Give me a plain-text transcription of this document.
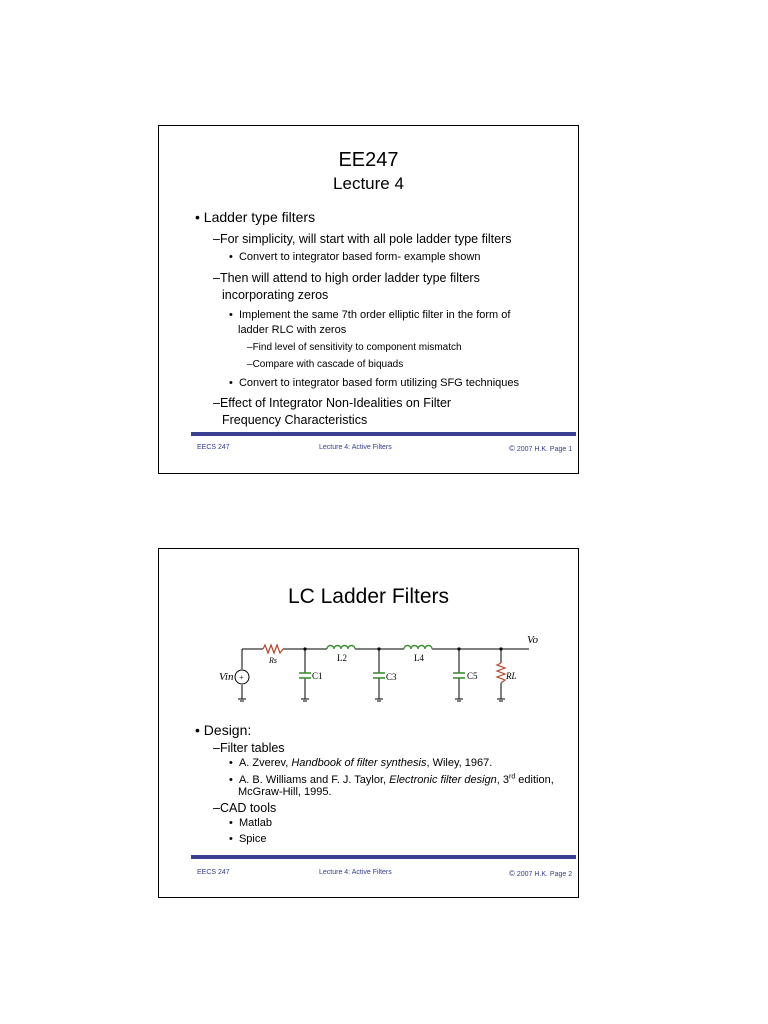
EE247
Lecture 4
• Ladder type filters
–For simplicity, will start with all pole ladder type filters
•  Convert to integrator based form- example shown
–Then will attend to high order ladder type filters
incorporating zeros
•  Implement the same 7th order elliptic filter in the form of
ladder RLC with zeros
–Find level of sensitivity to component mismatch
–Compare with cascade of biquads
•  Convert to integrator based form utilizing SFG techniques
–Effect of Integrator Non-Idealities on Filter
Frequency Characteristics
EECS 247	Lecture 4: Active Filters	© 2007 H.K. Page 1
LC Ladder Filters
+
Vin
Rs	L2	L4
C1	C3	C5	RL
Vo
• Design:
–Filter tables
•  A. Zverev, Handbook of filter synthesis, Wiley, 1967.
•  A. B. Williams and F. J. Taylor, Electronic filter design, 3rd edition,
McGraw-Hill, 1995.
–CAD tools
•  Matlab
•  Spice
EECS 247	Lecture 4: Active Filters	© 2007 H.K. Page 2
